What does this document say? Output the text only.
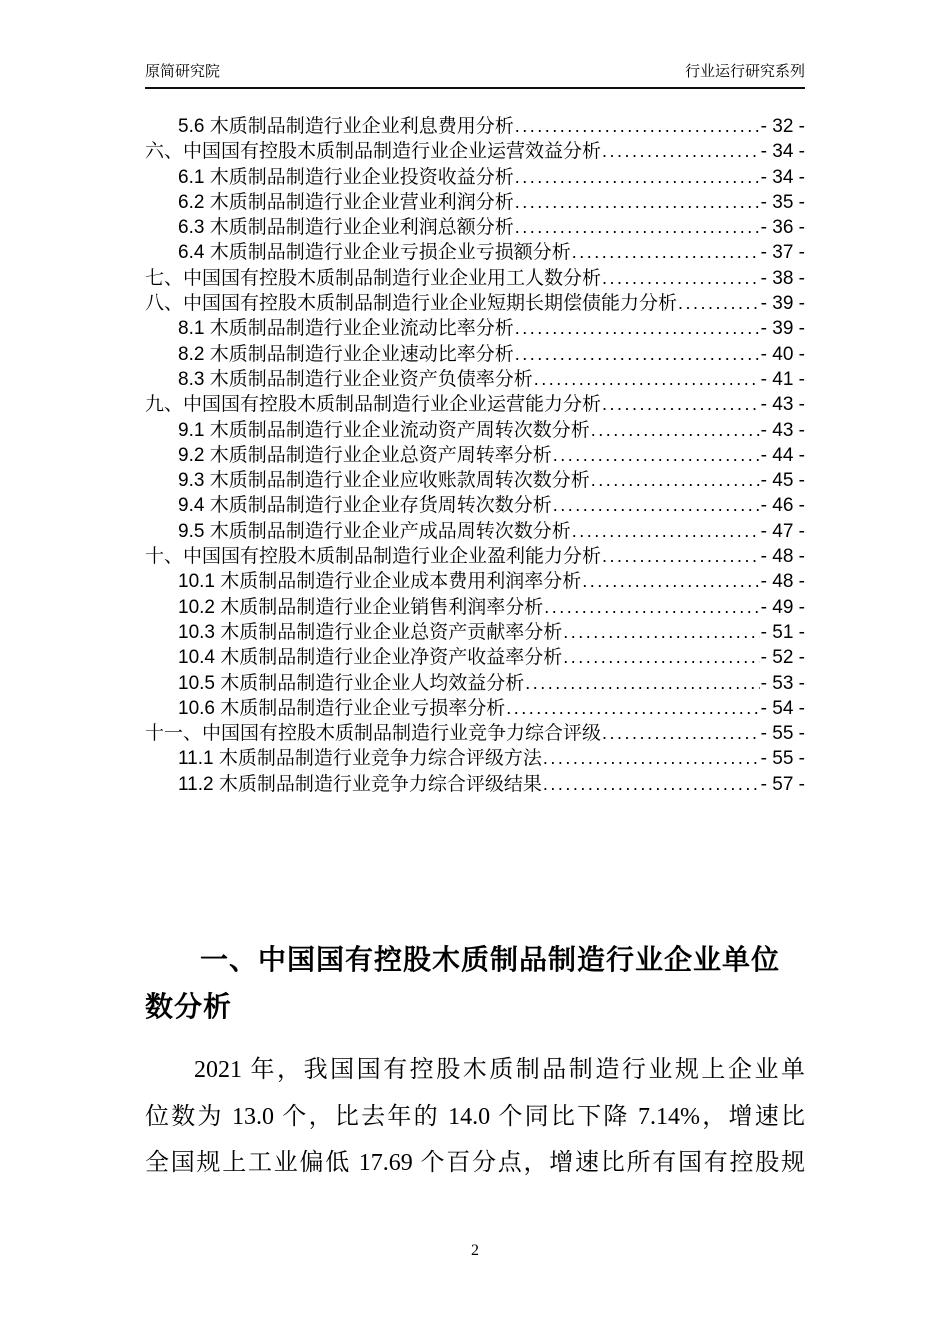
原简研究院	行业运行研究系列
5.6 木质制品制造行业企业利息费用分析 .....	- 32 -
六、中国国有控股木质制品制造行业企业运营效益分析 .....	- 34 -
6.1 木质制品制造行业企业投资收益分析 .....	- 34 -
6.2 木质制品制造行业企业营业利润分析 .....	- 35 -
6.3 木质制品制造行业企业利润总额分析 .....	- 36 -
6.4 木质制品制造行业企业亏损企业亏损额分析 .....	- 37 -
七、中国国有控股木质制品制造行业企业用工人数分析 .....	- 38 -
八、中国国有控股木质制品制造行业企业短期长期偿债能力分析 .....	- 39 -
8.1 木质制品制造行业企业流动比率分析 .....	- 39 -
8.2 木质制品制造行业企业速动比率分析 .....	- 40 -
8.3 木质制品制造行业企业资产负债率分析 .....	- 41 -
九、中国国有控股木质制品制造行业企业运营能力分析 .....	- 43 -
9.1 木质制品制造行业企业流动资产周转次数分析 .....	- 43 -
9.2 木质制品制造行业企业总资产周转率分析 .....	- 44 -
9.3 木质制品制造行业企业应收账款周转次数分析 .....	- 45 -
9.4 木质制品制造行业企业存货周转次数分析 .....	- 46 -
9.5 木质制品制造行业企业产成品周转次数分析 .....	- 47 -
十、中国国有控股木质制品制造行业企业盈利能力分析 .....	- 48 -
10.1 木质制品制造行业企业成本费用利润率分析 .....	- 48 -
10.2 木质制品制造行业企业销售利润率分析 .....	- 49 -
10.3 木质制品制造行业企业总资产贡献率分析 .....	- 51 -
10.4 木质制品制造行业企业净资产收益率分析 .....	- 52 -
10.5 木质制品制造行业企业人均效益分析 .....	- 53 -
10.6 木质制品制造行业企业亏损率分析 .....	- 54 -
十一、中国国有控股木质制品制造行业竞争力综合评级 .....	- 55 -
11.1 木质制品制造行业竞争力综合评级方法 .....	- 55 -
11.2 木质制品制造行业竞争力综合评级结果 .....	- 57 -
一、中国国有控股木质制品制造行业企业单位数分析
2021 年，我国国有控股木质制品制造行业规上企业单
位数为 13.0 个，比去年的 14.0 个同比下降 7.14%，增速比
全国规上工业偏低 17.69 个百分点，增速比所有国有控股规
2
